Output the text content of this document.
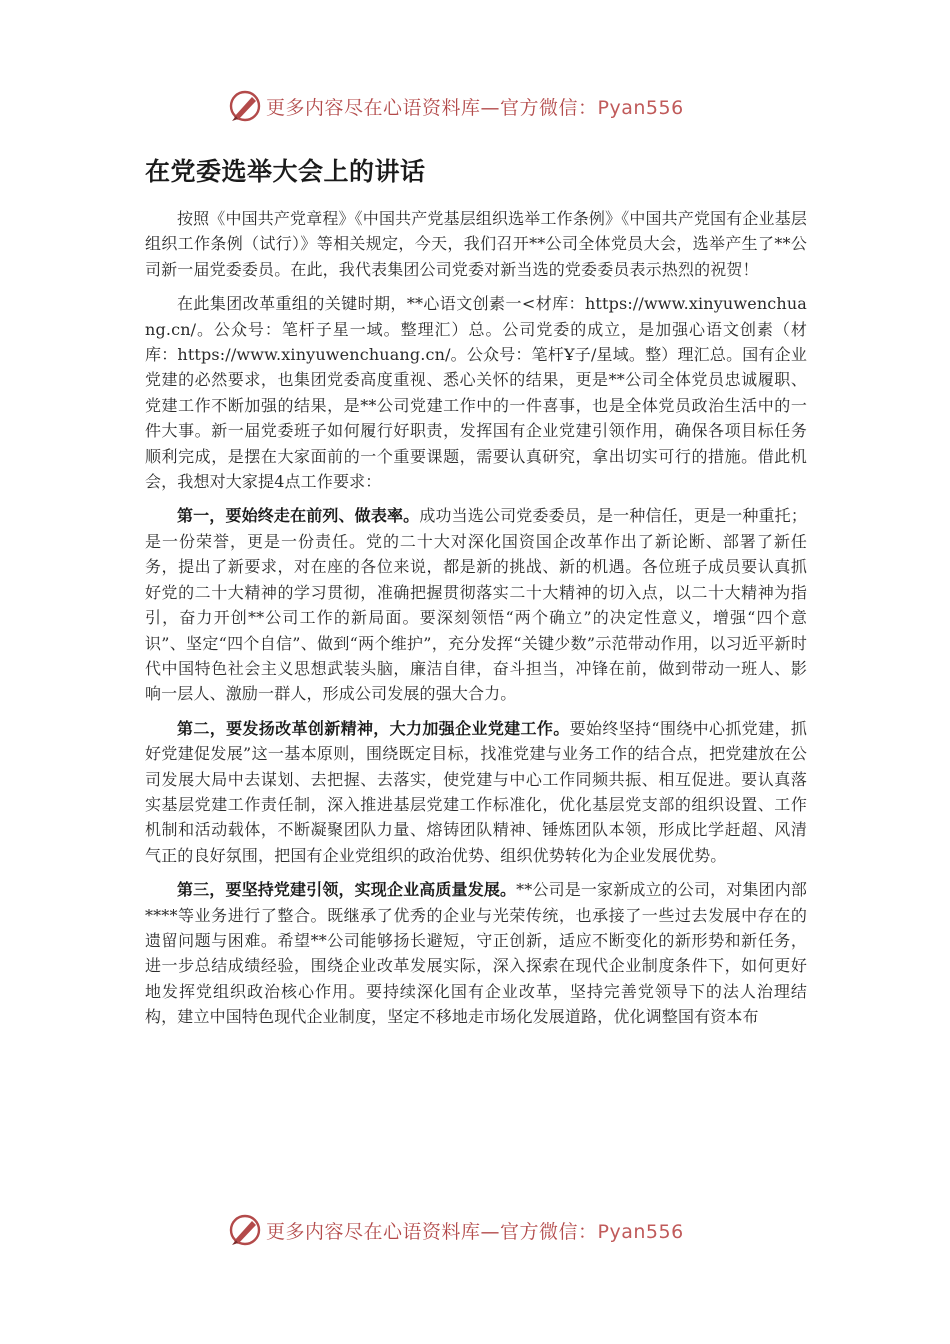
更多内容尽在心语资料库—官方微信：Pyan556
在党委选举大会上的讲话

按照《中国共产党章程》《中国共产党基层组织选举工作条例》《中国共产党国有企业基层组织工作条例（试行）》等相关规定，今天，我们召开**公司全体党员大会，选举产生了**公司新一届党委委员。在此，我代表集团公司党委对新当选的党委委员表示热烈的祝贺！

在此集团改革重组的关键时期，**心语文创素一<材库：https://www.xinyuwenchuang.cn/。公众号：笔杆子星一域。整理汇）总。公司党委的成立，是加强心语文创素（材库：https://www.xinyuwenchuang.cn/。公众号：笔杆Ұ子/星域。整）理汇总。国有企业党建的必然要求，也集团党委高度重视、悉心关怀的结果，更是**公司全体党员忠诚履职、党建工作不断加强的结果，是**公司党建工作中的一件喜事，也是全体党员政治生活中的一件大事。新一届党委班子如何履行好职责，发挥国有企业党建引领作用，确保各项目标任务顺利完成，是摆在大家面前的一个重要课题，需要认真研究，拿出切实可行的措施。借此机会，我想对大家提4点工作要求：

第一，要始终走在前列、做表率。成功当选公司党委委员，是一种信任，更是一种重托；是一份荣誉，更是一份责任。党的二十大对深化国资国企改革作出了新论断、部署了新任务，提出了新要求，对在座的各位来说，都是新的挑战、新的机遇。各位班子成员要认真抓好党的二十大精神的学习贯彻，准确把握贯彻落实二十大精神的切入点，以二十大精神为指引，奋力开创**公司工作的新局面。要深刻领悟“两个确立”的决定性意义，增强“四个意识”、坚定“四个自信”、做到“两个维护”，充分发挥“关键少数”示范带动作用，以习近平新时代中国特色社会主义思想武装头脑，廉洁自律，奋斗担当，冲锋在前，做到带动一班人、影响一层人、激励一群人，形成公司发展的强大合力。

第二，要发扬改革创新精神，大力加强企业党建工作。要始终坚持“围绕中心抓党建，抓好党建促发展”这一基本原则，围绕既定目标，找准党建与业务工作的结合点，把党建放在公司发展大局中去谋划、去把握、去落实，使党建与中心工作同频共振、相互促进。要认真落实基层党建工作责任制，深入推进基层党建工作标准化，优化基层党支部的组织设置、工作机制和活动载体，不断凝聚团队力量、熔铸团队精神、锤炼团队本领，形成比学赶超、风清气正的良好氛围，把国有企业党组织的政治优势、组织优势转化为企业发展优势。

第三，要坚持党建引领，实现企业高质量发展。**公司是一家新成立的公司，对集团内部****等业务进行了整合。既继承了优秀的企业与光荣传统，也承接了一些过去发展中存在的遗留问题与困难。希望**公司能够扬长避短，守正创新，适应不断变化的新形势和新任务，进一步总结成绩经验，围绕企业改革发展实际，深入探索在现代企业制度条件下，如何更好地发挥党组织政治核心作用。要持续深化国有企业改革，坚持完善党领导下的法人治理结构，建立中国特色现代企业制度，坚定不移地走市场化发展道路，优化调整国有资本布

更多内容尽在心语资料库—官方微信：Pyan556
